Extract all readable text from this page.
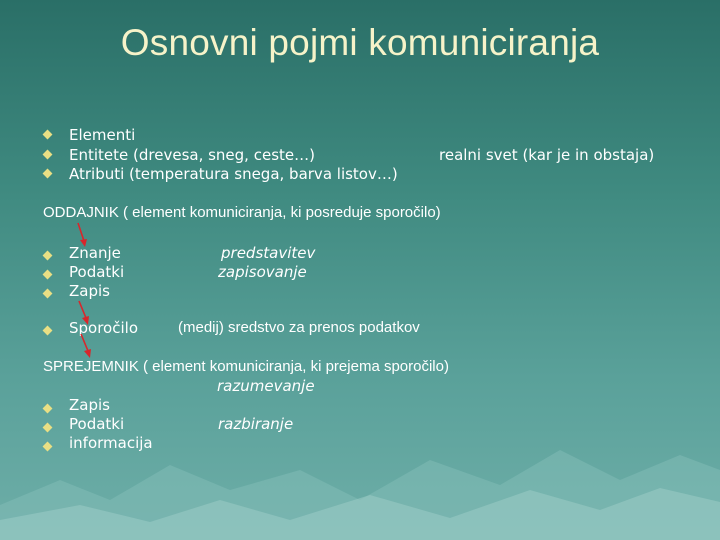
Osnovni pojmi komuniciranja
Elementi
Entitete (drevesa, sneg, ceste…)
Atributi (temperatura snega, barva listov…)
realni svet (kar je in obstaja)
ODDAJNIK ( element komuniciranja, ki posreduje sporočilo)
Znanje
Podatki
Zapis
predstavitev
zapisovanje
Sporočilo	(medij) sredstvo za prenos podatkov
SPREJEMNIK ( element komuniciranja, ki prejema sporočilo)
razumevanje
Zapis
Podatki
informacija
razbiranje
